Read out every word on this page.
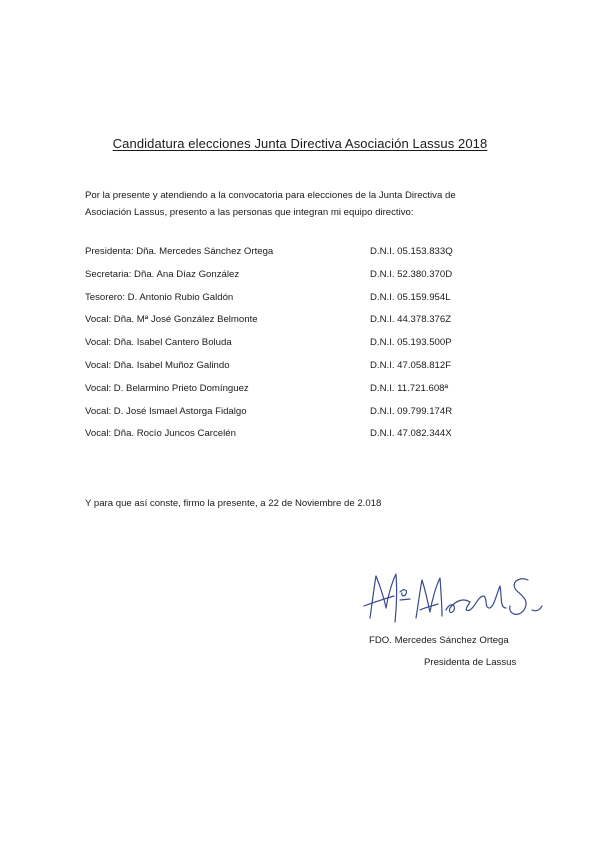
Candidatura elecciones Junta Directiva Asociación Lassus 2018
Por la presente y atendiendo a la convocatoria para elecciones de la Junta Directiva de
Asociación Lassus, presento a las personas que integran mi equipo directivo:
Presidenta: Dña. Mercedes Sánchez Ortega	D.N.I. 05.153.833Q
Secretaria: Dña. Ana Díaz González	D.N.I. 52.380.370D
Tesorero: D. Antonio Rubio Galdón	D.N.I. 05.159.954L
Vocal: Dña. Mª José González Belmonte	D.N.I. 44.378.376Z
Vocal: Dña. Isabel Cantero Boluda	D.N.I. 05.193.500P
Vocal: Dña. Isabel Muñoz Galindo	D.N.I. 47.058.812F
Vocal: D. Belarmino Prieto Domínguez	D.N.I. 11.721.608ª
Vocal: D. José Ismael Astorga Fidalgo	D.N.I. 09.799.174R
Vocal: Dña. Rocío Juncos Carcelén	D.N.I. 47.082.344X
Y para que así conste, firmo la presente, a 22 de Noviembre de 2.018
FDO. Mercedes Sánchez Ortega
Presidenta de Lassus
